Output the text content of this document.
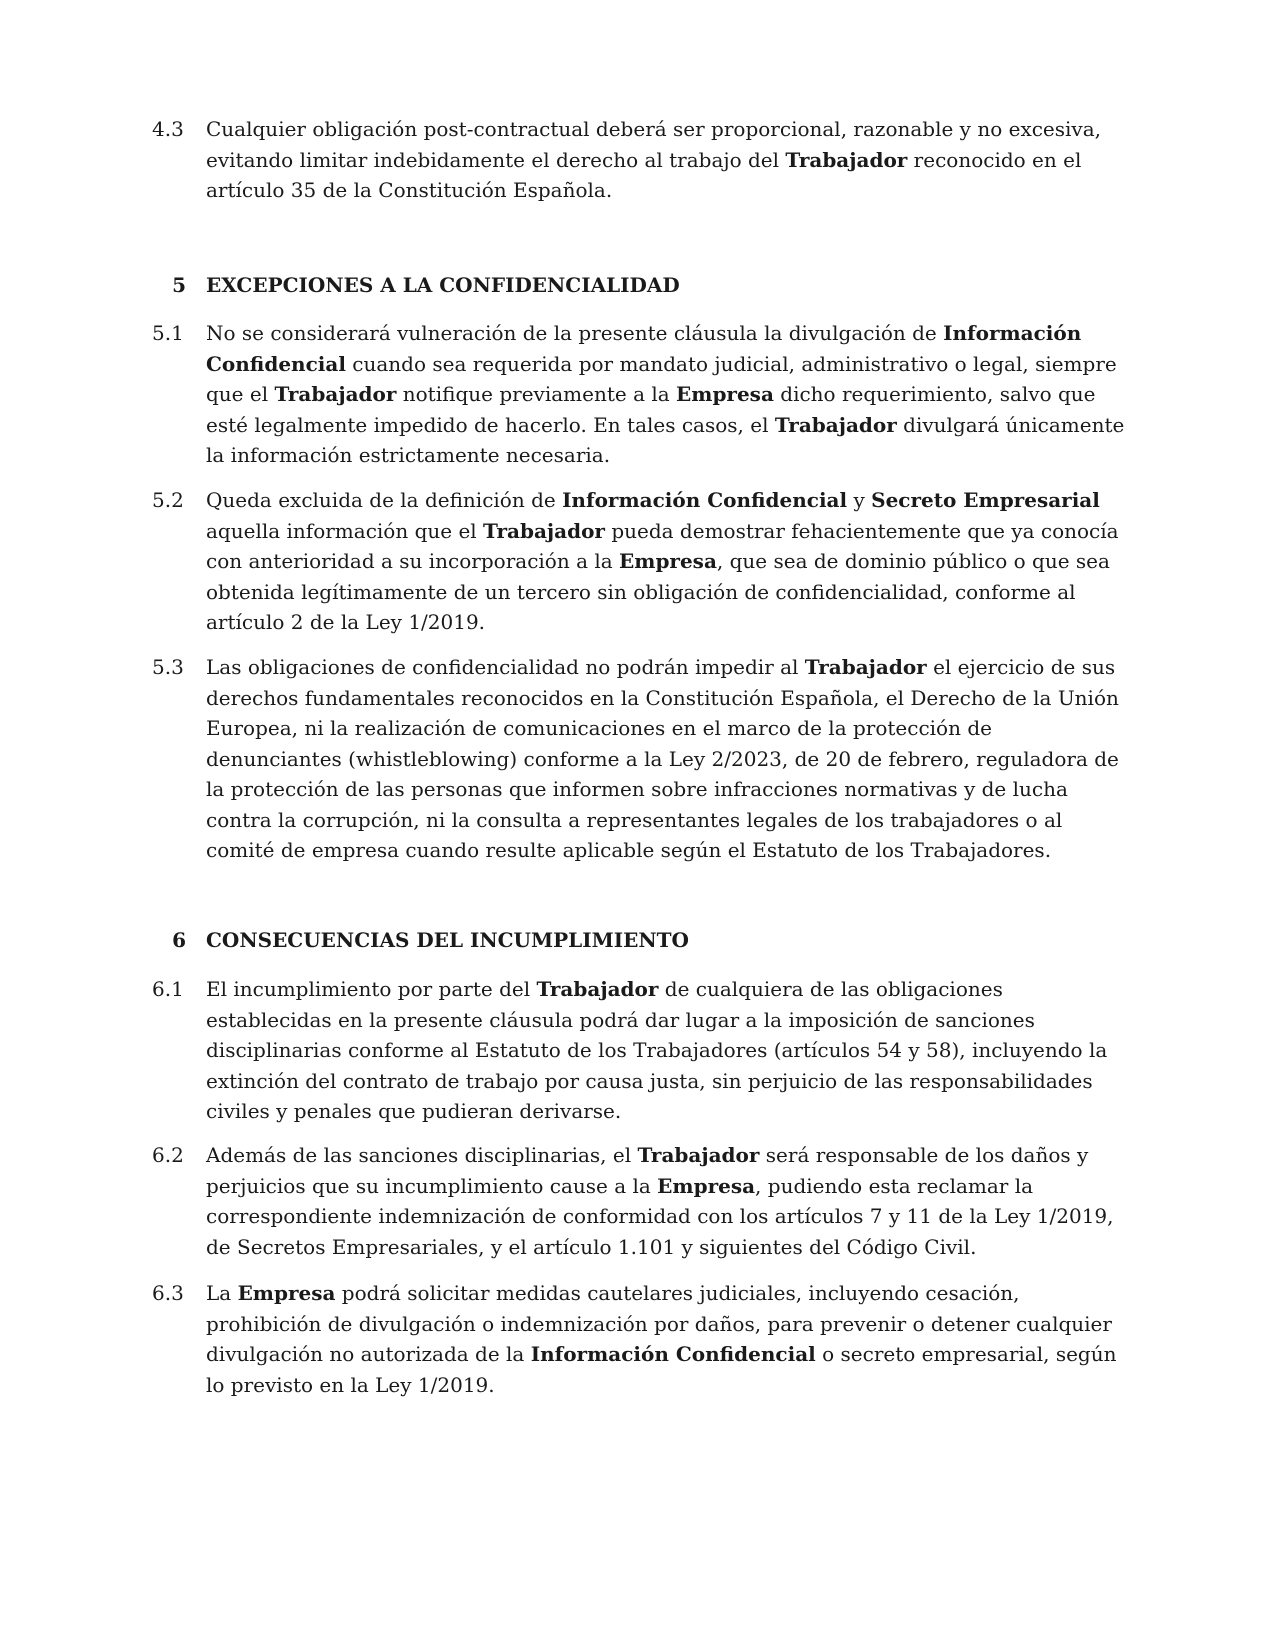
4.3	Cualquier obligación post-contractual deberá ser proporcional, razonable y no excesiva, evitando limitar indebidamente el derecho al trabajo del Trabajador reconocido en el artículo 35 de la Constitución Española.
5	EXCEPCIONES A LA CONFIDENCIALIDAD
5.1	No se considerará vulneración de la presente cláusula la divulgación de Información Confidencial cuando sea requerida por mandato judicial, administrativo o legal, siempre que el Trabajador notifique previamente a la Empresa dicho requerimiento, salvo que esté legalmente impedido de hacerlo. En tales casos, el Trabajador divulgará únicamente la información estrictamente necesaria.
5.2	Queda excluida de la definición de Información Confidencial y Secreto Empresarial aquella información que el Trabajador pueda demostrar fehacientemente que ya conocía con anterioridad a su incorporación a la Empresa, que sea de dominio público o que sea obtenida legítimamente de un tercero sin obligación de confidencialidad, conforme al artículo 2 de la Ley 1/2019.
5.3	Las obligaciones de confidencialidad no podrán impedir al Trabajador el ejercicio de sus derechos fundamentales reconocidos en la Constitución Española, el Derecho de la Unión Europea, ni la realización de comunicaciones en el marco de la protección de denunciantes (whistleblowing) conforme a la Ley 2/2023, de 20 de febrero, reguladora de la protección de las personas que informen sobre infracciones normativas y de lucha contra la corrupción, ni la consulta a representantes legales de los trabajadores o al comité de empresa cuando resulte aplicable según el Estatuto de los Trabajadores.
6	CONSECUENCIAS DEL INCUMPLIMIENTO
6.1	El incumplimiento por parte del Trabajador de cualquiera de las obligaciones establecidas en la presente cláusula podrá dar lugar a la imposición de sanciones disciplinarias conforme al Estatuto de los Trabajadores (artículos 54 y 58), incluyendo la extinción del contrato de trabajo por causa justa, sin perjuicio de las responsabilidades civiles y penales que pudieran derivarse.
6.2	Además de las sanciones disciplinarias, el Trabajador será responsable de los daños y perjuicios que su incumplimiento cause a la Empresa, pudiendo esta reclamar la correspondiente indemnización de conformidad con los artículos 7 y 11 de la Ley 1/2019, de Secretos Empresariales, y el artículo 1.101 y siguientes del Código Civil.
6.3	La Empresa podrá solicitar medidas cautelares judiciales, incluyendo cesación, prohibición de divulgación o indemnización por daños, para prevenir o detener cualquier divulgación no autorizada de la Información Confidencial o secreto empresarial, según lo previsto en la Ley 1/2019.
